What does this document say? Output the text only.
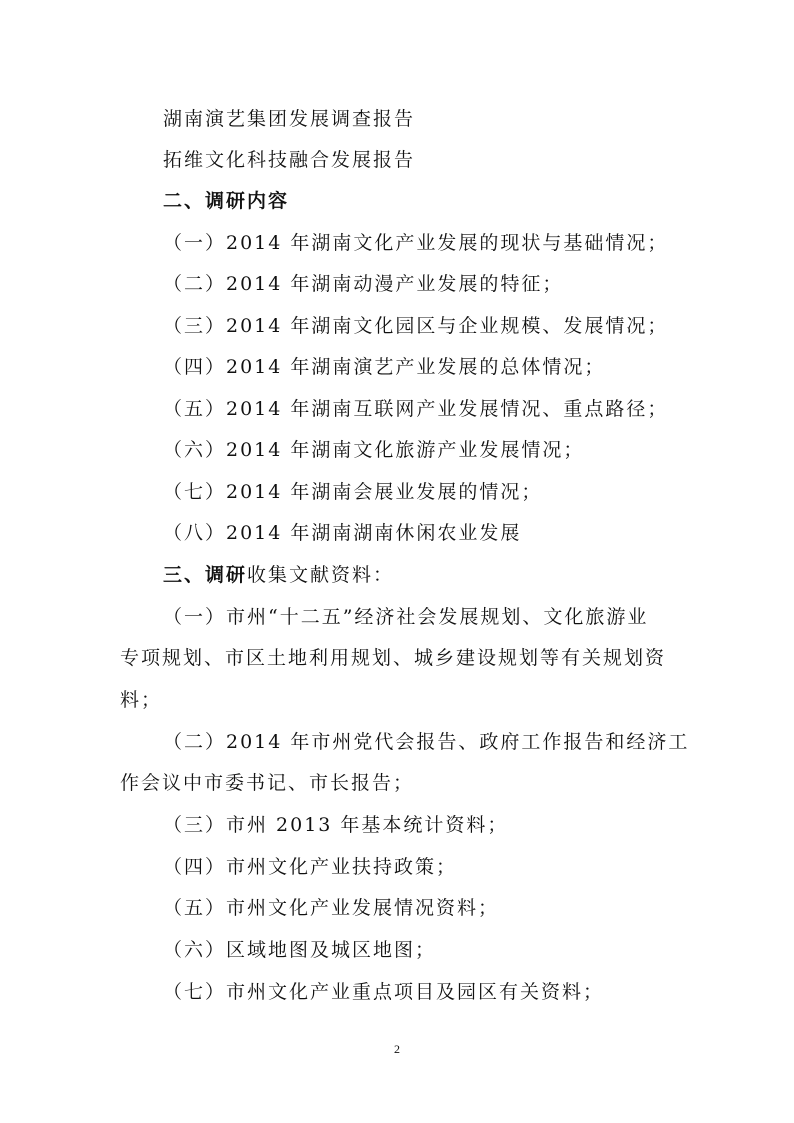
湖南演艺集团发展调查报告
拓维文化科技融合发展报告
二、调研内容
（一）2014 年湖南文化产业发展的现状与基础情况；
（二）2014 年湖南动漫产业发展的特征；
（三）2014 年湖南文化园区与企业规模、发展情况；
（四）2014 年湖南演艺产业发展的总体情况；
（五）2014 年湖南互联网产业发展情况、重点路径；
（六）2014 年湖南文化旅游产业发展情况；
（七）2014 年湖南会展业发展的情况；
（八）2014 年湖南湖南休闲农业发展
三、调研收集文献资料：
（一）市州“十二五”经济社会发展规划、文化旅游业
专项规划、市区土地利用规划、城乡建设规划等有关规划资
料；
（二）2014 年市州党代会报告、政府工作报告和经济工
作会议中市委书记、市长报告；
（三）市州 2013 年基本统计资料；
（四）市州文化产业扶持政策；
（五）市州文化产业发展情况资料；
（六）区域地图及城区地图；
（七）市州文化产业重点项目及园区有关资料；
2
